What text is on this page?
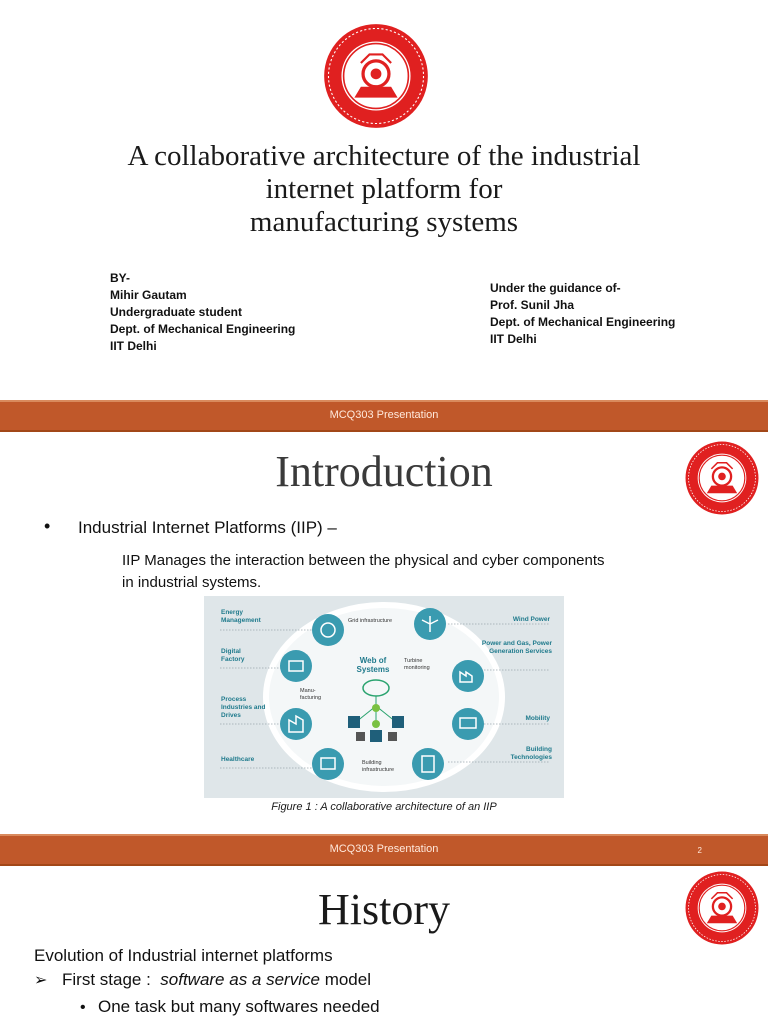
A collaborative architecture of the industrial
internet platform for
manufacturing systems
BY-
Mihir Gautam
Undergraduate student
Dept. of Mechanical Engineering
IIT Delhi
Under the guidance of-
Prof. Sunil Jha
Dept. of Mechanical Engineering
IIT Delhi
MCQ303 Presentation
Introduction
• Industrial Internet Platforms (IIP) –
IIP Manages the interaction between the physical and cyber components
in industrial systems.
Energy Management
Digital Factory
Process Industries and Drives
Healthcare
Wind Power
Power and Gas, Power Generation Services
Mobility
Building Technologies
Grid infrastructure
Turbine monitoring
Manu-facturing
Building infrastructure
Web of Systems
Figure 1 : A collaborative architecture of an IIP
MCQ303 Presentation	2
History
Evolution of Industrial internet platforms
➢ First stage : software as a service model
• One task but many softwares needed
